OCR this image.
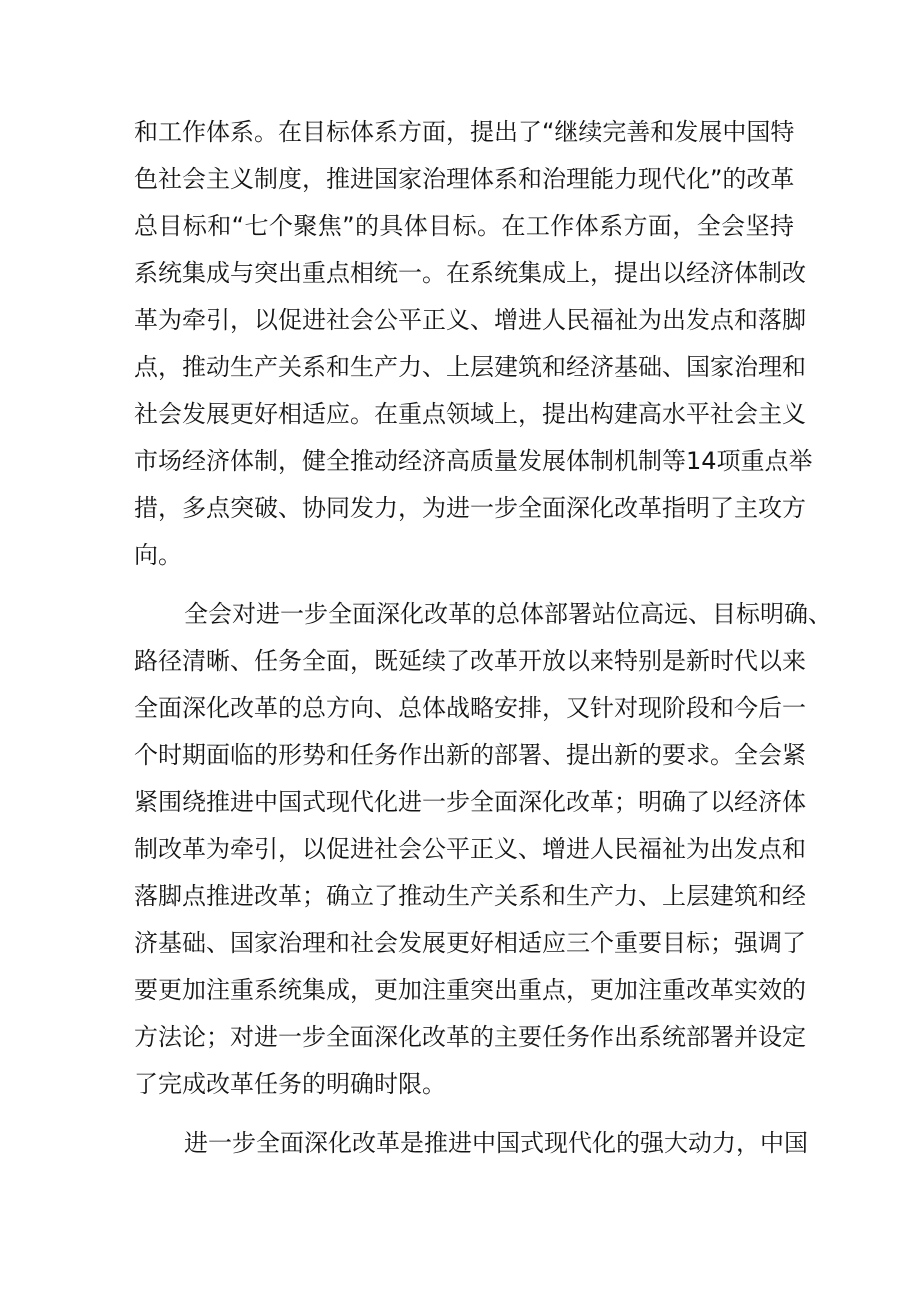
和工作体系。在目标体系方面，提出了“继续完善和发展中国特
色社会主义制度，推进国家治理体系和治理能力现代化”的改革
总目标和“七个聚焦”的具体目标。在工作体系方面，全会坚持
系统集成与突出重点相统一。在系统集成上，提出以经济体制改
革为牵引，以促进社会公平正义、增进人民福祉为出发点和落脚
点，推动生产关系和生产力、上层建筑和经济基础、国家治理和
社会发展更好相适应。在重点领域上，提出构建高水平社会主义
市场经济体制，健全推动经济高质量发展体制机制等14项重点举
措，多点突破、协同发力，为进一步全面深化改革指明了主攻方
向。
全会对进一步全面深化改革的总体部署站位高远、目标明确、
路径清晰、任务全面，既延续了改革开放以来特别是新时代以来
全面深化改革的总方向、总体战略安排，又针对现阶段和今后一
个时期面临的形势和任务作出新的部署、提出新的要求。全会紧
紧围绕推进中国式现代化进一步全面深化改革；明确了以经济体
制改革为牵引，以促进社会公平正义、增进人民福祉为出发点和
落脚点推进改革；确立了推动生产关系和生产力、上层建筑和经
济基础、国家治理和社会发展更好相适应三个重要目标；强调了
要更加注重系统集成，更加注重突出重点，更加注重改革实效的
方法论；对进一步全面深化改革的主要任务作出系统部署并设定
了完成改革任务的明确时限。
进一步全面深化改革是推进中国式现代化的强大动力，中国
